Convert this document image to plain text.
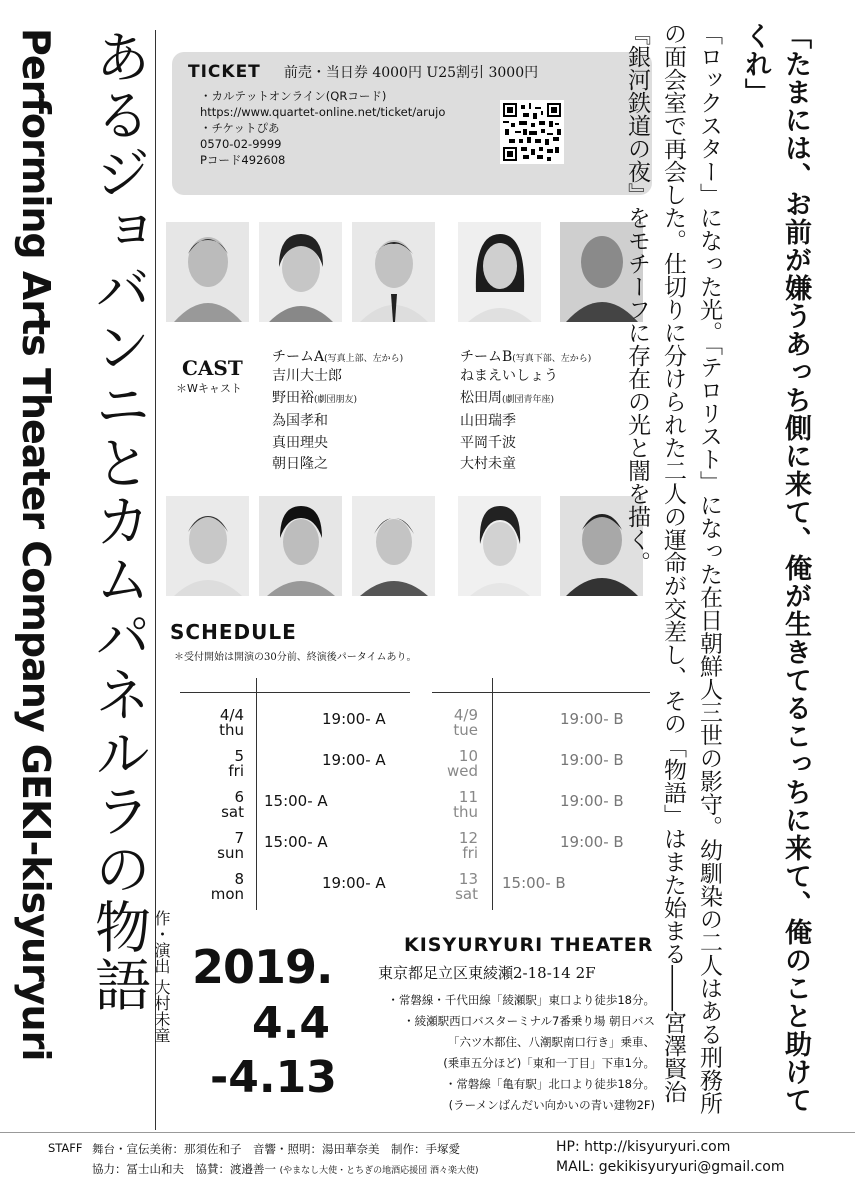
Performing Arts Theater Company GEKI-kisyuryuri あるジョバンニとカムパネルラの物語 TICKET 前売・当日券 4000円 U25割引 3000円
・カルテットオンライン(QRコード)
https://www.quartet-online.net/ticket/arujo
・チケットぴあ
0570-02-9999
Pコード492608
CAST
＊Wキャスト
チームA(写真上部、左から)
吉川大士郎
野田裕(劇団朋友)
為国孝和
真田理央
朝日隆之
チームB(写真下部、左から)
ねまえいしょう
松田周(劇団青年座)
山田瑞季
平岡千波
大村未童
SCHEDULE
＊受付開始は開演の30分前、終演後パータイムあり。
4/4
thu
19:00- A
5
fri
19:00- A
6
sat
15:00- A
7
sun
15:00- A
8
mon
19:00- A
4/9
tue
19:00- B
10
wed
19:00- B
11
thu
19:00- B
12
fri
19:00- B
13
sat
15:00- B
作・演出 大村未童 2019.
4.4
-4.13
KISYURYURI THEATER
東京都足立区東綾瀬2-18-14 2F
・常磐線・千代田線「綾瀬駅」東口より徒歩18分。
・綾瀬駅西口バスターミナル7番乗り場 朝日バス
「六ツ木都住、八潮駅南口行き」乗車、
(乗車五分ほど)「東和一丁目」下車1分。
・常磐線「亀有駅」北口より徒歩18分。
(ラーメンばんだい向かいの青い建物2F)	「たまには、お前が嫌うあっち側に来て、俺が生きてるこっちに来て、俺のこと助けてくれ」
「ロックスター」になった光。「テロリスト」になった在日朝鮮人三世の影守。幼馴染の二人はある刑務所の面会室で再会した。仕切りに分けられた二人の運命が交差し、その「物語」はまた始まる――宮澤賢治『銀河鉄道の夜』をモチーフに存在の光と闇を描く。
STAFF 舞台・宣伝美術：那須佐和子　音響・照明：湯田華奈美　制作：手塚愛
協力：冨士山和夫　協賛：渡邉善一 (やまなし大使・とちぎの地酒応援団 酒々楽大使)
HP: http://kisyuryuri.com
MAIL: gekikisyuryuri@gmail.com
